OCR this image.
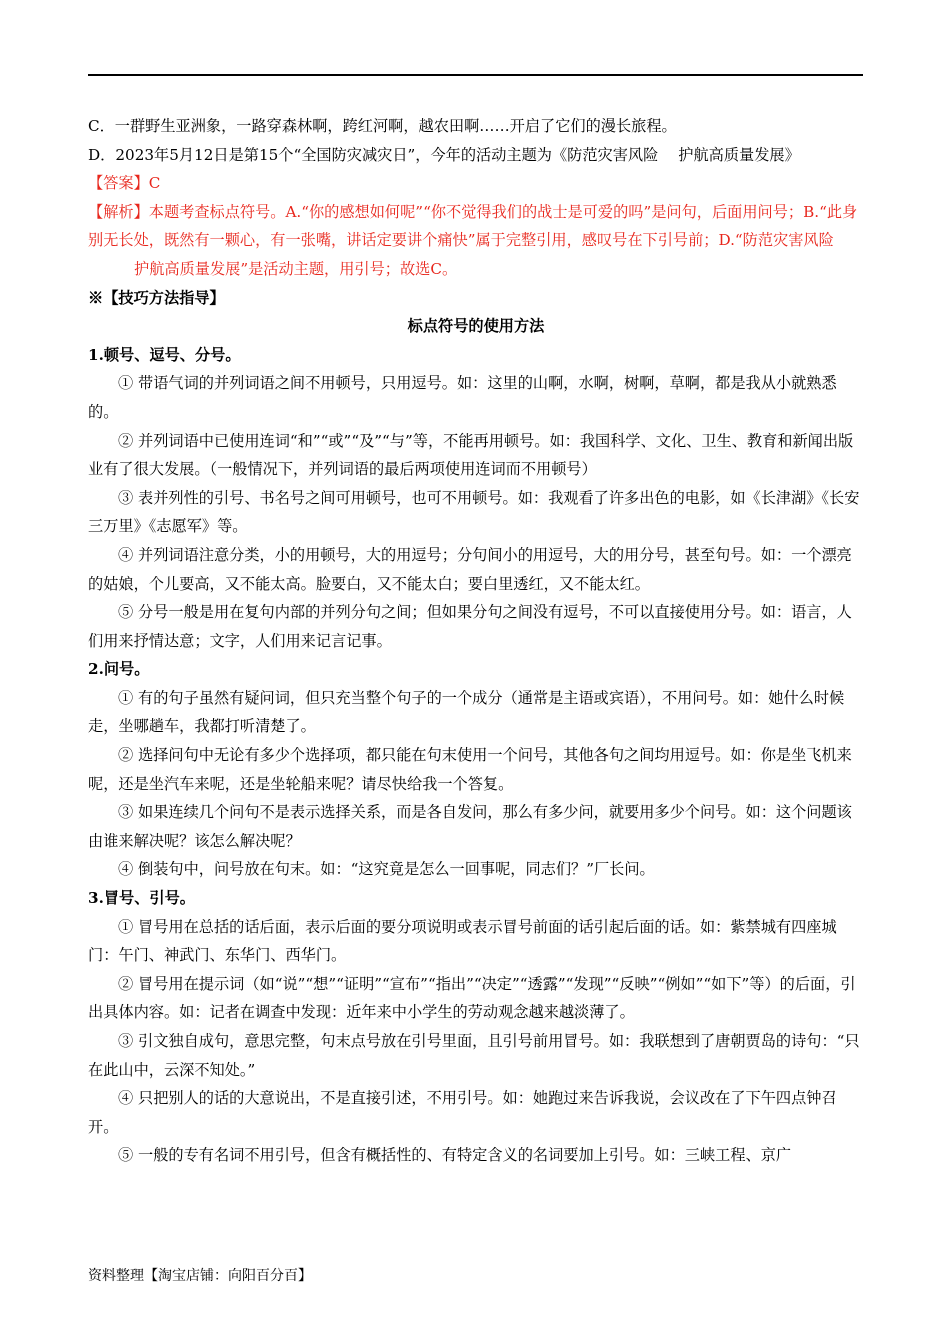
C．一群野生亚洲象，一路穿森林啊，跨红河啊，越农田啊……开启了它们的漫长旅程。

D．2023年5月12日是第15个“全国防灾减灾日”，今年的活动主题为《防范灾害风险 护航高质量发展》

【答案】C

【解析】本题考查标点符号。A.“你的感想如何呢”“你不觉得我们的战士是可爱的吗”是问句，后面用问号；B.“此身别无长处，既然有一颗心，有一张嘴，讲话定要讲个痛快”属于完整引用，感叹号在下引号前；D.“防范灾害风险护航高质量发展”是活动主题，用引号；故选C。

※【技巧方法指导】

标点符号的使用方法

1.顿号、逗号、分号。

① 带语气词的并列词语之间不用顿号，只用逗号。如：这里的山啊，水啊，树啊，草啊，都是我从小就熟悉的。

② 并列词语中已使用连词“和”“或”“及”“与”等，不能再用顿号。如：我国科学、文化、卫生、教育和新闻出版业有了很大发展。（一般情况下，并列词语的最后两项使用连词而不用顿号）

③ 表并列性的引号、书名号之间可用顿号，也可不用顿号。如：我观看了许多出色的电影，如《长津湖》《长安三万里》《志愿军》等。

④ 并列词语注意分类，小的用顿号，大的用逗号；分句间小的用逗号，大的用分号，甚至句号。如：一个漂亮的姑娘，个儿要高，又不能太高。脸要白，又不能太白；要白里透红，又不能太红。

⑤ 分号一般是用在复句内部的并列分句之间；但如果分句之间没有逗号，不可以直接使用分号。如：语言，人们用来抒情达意；文字，人们用来记言记事。

2.问号。

① 有的句子虽然有疑问词，但只充当整个句子的一个成分（通常是主语或宾语），不用问号。如：她什么时候走，坐哪趟车，我都打听清楚了。

② 选择问句中无论有多少个选择项，都只能在句末使用一个问号，其他各句之间均用逗号。如：你是坐飞机来呢，还是坐汽车来呢，还是坐轮船来呢？请尽快给我一个答复。

③ 如果连续几个问句不是表示选择关系，而是各自发问，那么有多少问，就要用多少个问号。如：这个问题该由谁来解决呢？该怎么解决呢？

④ 倒装句中，问号放在句末。如：“这究竟是怎么一回事呢，同志们？”厂长问。

3.冒号、引号。

① 冒号用在总括的话后面，表示后面的要分项说明或表示冒号前面的话引起后面的话。如：紫禁城有四座城门：午门、神武门、东华门、西华门。

② 冒号用在提示词（如“说”“想”“证明”“宣布”“指出”“决定”“透露”“发现”“反映”“例如”“如下”等）的后面，引出具体内容。如：记者在调查中发现：近年来中小学生的劳动观念越来越淡薄了。

③ 引文独自成句，意思完整，句末点号放在引号里面，且引号前用冒号。如：我联想到了唐朝贾岛的诗句：“只在此山中，云深不知处。”

④ 只把别人的话的大意说出，不是直接引述，不用引号。如：她跑过来告诉我说，会议改在了下午四点钟召开。

⑤ 一般的专有名词不用引号，但含有概括性的、有特定含义的名词要加上引号。如：三峡工程、京广

资料整理【淘宝店铺：向阳百分百】
